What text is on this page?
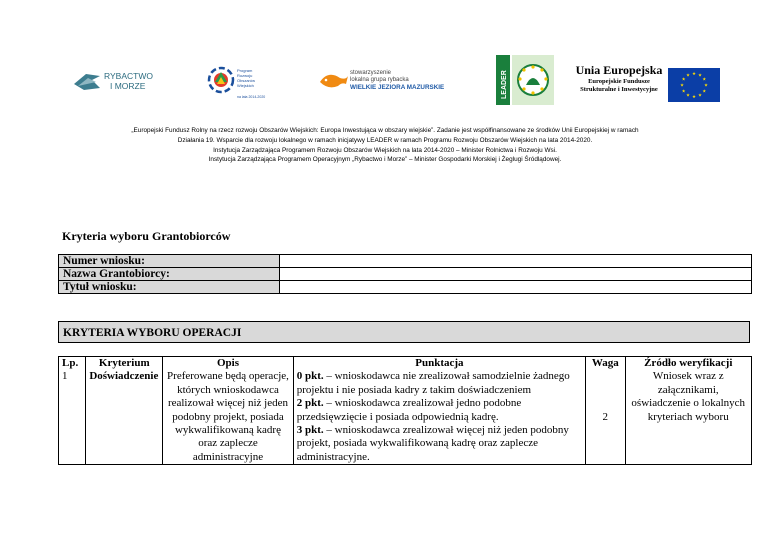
RYBACTWO
I MORZE
Program
Rozwoju
Obszarów
Wiejskich
na lata 2014-2020
stowarzyszenie
lokalna grupa rybacka
WIELKIE JEZIORA MAZURSKIE	LEADER
Unia Europejska
Europejskie Fundusze
Strukturalne i Inwestycyjne
★ ★
★
★
★
★
★
★
★
★
★
★
„Europejski Fundusz Rolny na rzecz rozwoju Obszarów Wiejskich: Europa Inwestująca w obszary wiejskie”. Zadanie jest współfinansowane ze środków Unii Europejskiej w ramach
Działania 19. Wsparcie dla rozwoju lokalnego w ramach inicjatywy LEADER w ramach Programu Rozwoju Obszarów Wiejskich na lata 2014-2020.
Instytucja Zarządzająca Programem Rozwoju Obszarów Wiejskich na lata 2014-2020 – Minister Rolnictwa i Rozwoju Wsi.
Instytucja Zarządzająca Programem Operacyjnym „Rybactwo i Morze” – Minister Gospodarki Morskiej i Żeglugi Śródlądowej.
Kryteria wyboru Grantobiorców
Numer wniosku:	
Nazwa Grantobiorcy:	
Tytuł wniosku:	
KRYTERIA WYBORU OPERACJI
Lp.	Kryterium	Opis	Punktacja	Waga	Źródło weryfikacji
1	Doświadczenie	Preferowane będą operacje, których wnioskodawca realizował więcej niż jeden podobny projekt, posiada wykwalifikowaną kadrę oraz zaplecze administracyjne	0 pkt. – wnioskodawca nie zrealizował samodzielnie żadnego projektu i nie posiada kadry z takim doświadczeniem
2 pkt. – wnioskodawca zrealizował jedno podobne przedsięwzięcie i posiada odpowiednią kadrę.
3 pkt. – wnioskodawca zrealizował więcej niż jeden podobny projekt, posiada wykwalifikowaną kadrę oraz zaplecze administracyjne.	2	Wniosek wraz z załącznikami, oświadczenie o lokalnych kryteriach wyboru
